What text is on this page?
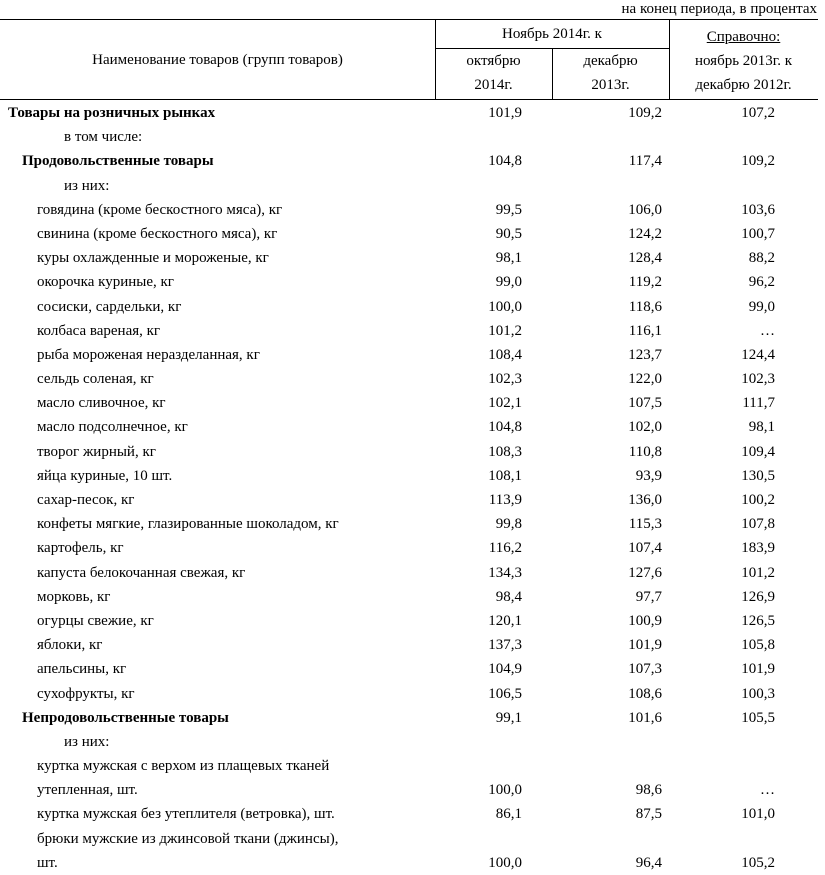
на конец периода, в процентах
Наименование товаров (групп товаров)
Ноябрь 2014г. к
октябрю
2014г.
декабрю
2013г.
Справочно:
ноябрь 2013г. к
декабрю 2012г.
Товары на розничных рынках	101,9	109,2	107,2
в том числе:
Продовольственные товары	104,8	117,4	109,2
из них:
говядина (кроме бескостного мяса), кг	99,5	106,0	103,6
свинина (кроме бескостного мяса), кг	90,5	124,2	100,7
куры охлажденные и мороженые, кг	98,1	128,4	88,2
окорочка куриные, кг	99,0	119,2	96,2
сосиски, сардельки, кг	100,0	118,6	99,0
колбаса вареная, кг	101,2	116,1	…
рыба мороженая неразделанная, кг	108,4	123,7	124,4
сельдь соленая, кг	102,3	122,0	102,3
масло сливочное, кг	102,1	107,5	111,7
масло подсолнечное, кг	104,8	102,0	98,1
творог жирный, кг	108,3	110,8	109,4
яйца куриные, 10 шт.	108,1	93,9	130,5
сахар-песок, кг	113,9	136,0	100,2
конфеты мягкие, глазированные шоколадом, кг	99,8	115,3	107,8
картофель, кг	116,2	107,4	183,9
капуста белокочанная свежая, кг	134,3	127,6	101,2
морковь, кг	98,4	97,7	126,9
огурцы свежие, кг	120,1	100,9	126,5
яблоки, кг	137,3	101,9	105,8
апельсины, кг	104,9	107,3	101,9
сухофрукты, кг	106,5	108,6	100,3
Непродовольственные товары	99,1	101,6	105,5
из них:
куртка мужская с верхом из плащевых тканей
утепленная, шт.	100,0	98,6	…
куртка мужская без утеплителя (ветровка), шт.	86,1	87,5	101,0
брюки мужские из джинсовой ткани (джинсы),
шт.	100,0	96,4	105,2
